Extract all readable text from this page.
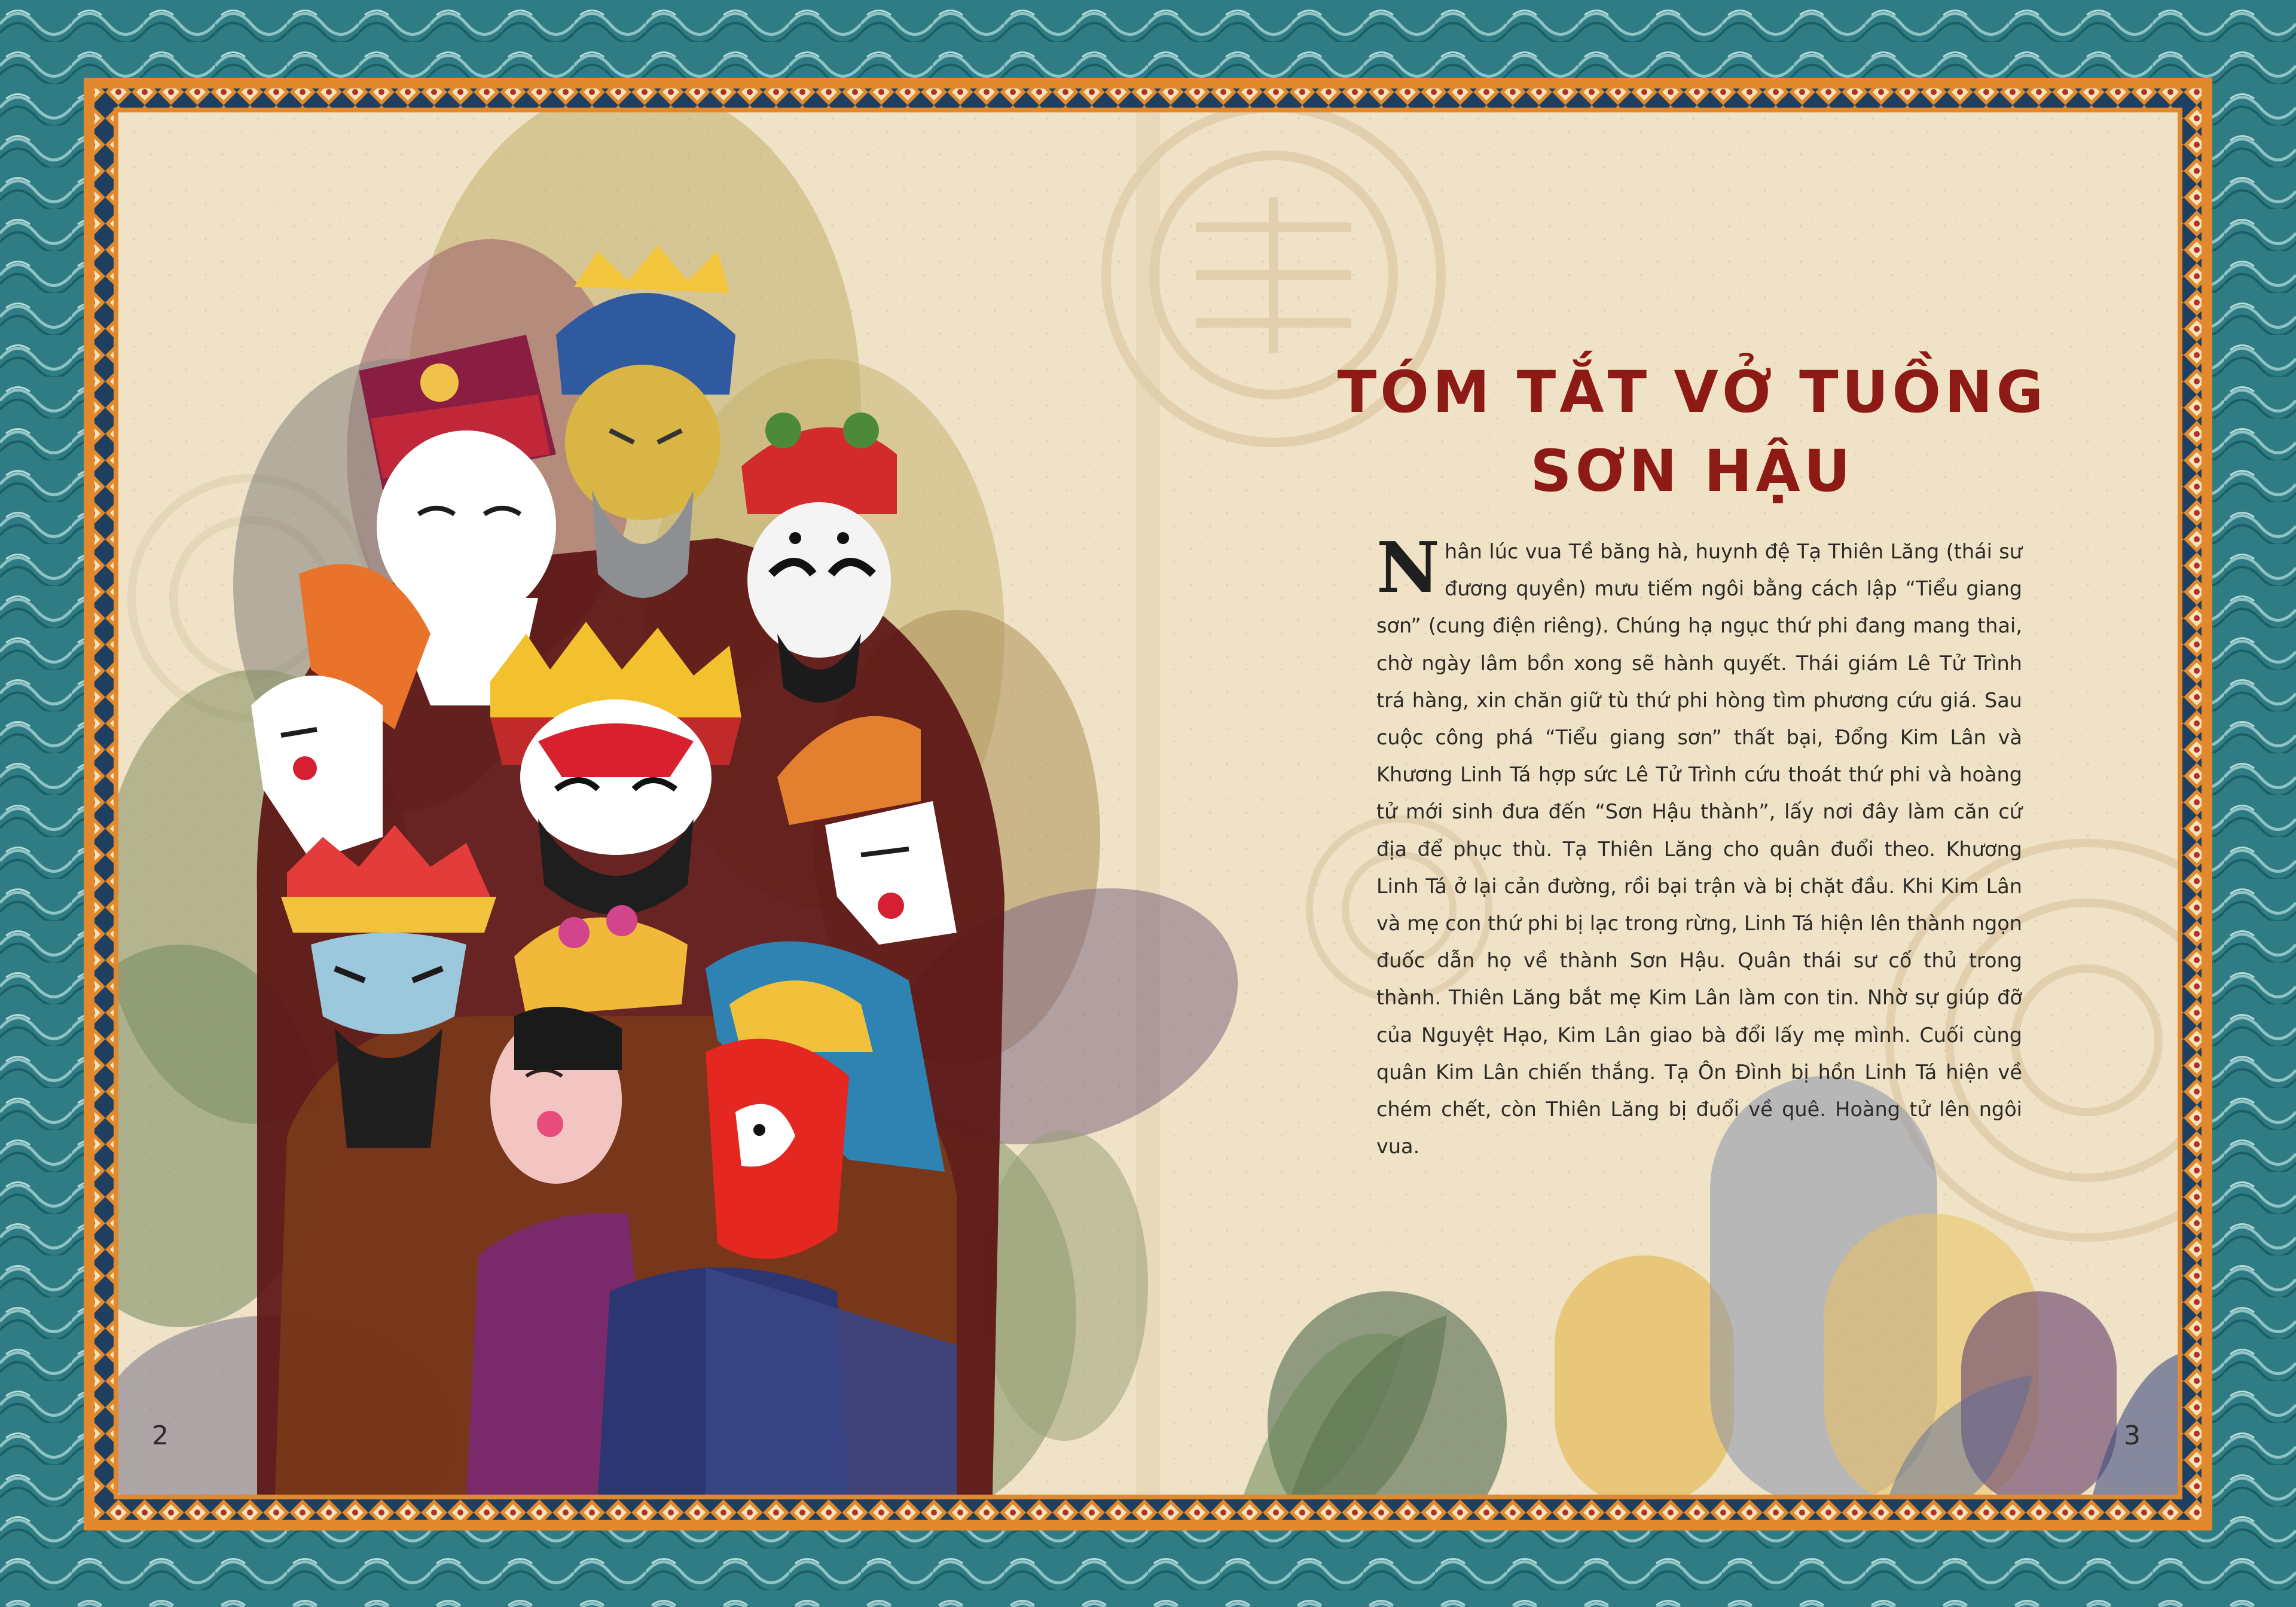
2	3
TÓM TẮT VỞ TUỒNG
SƠN HẬU
N hân lúc vua Tề băng hà, huynh đệ Tạ Thiên Lăng (thái sư đương quyền) mưu tiếm ngôi bằng cách lập “Tiểu giang sơn” (cung điện riêng). Chúng hạ ngục thứ phi đang mang thai, chờ ngày lâm bồn xong sẽ hành quyết. Thái giám Lê Tử Trình trá hàng, xin chăn giữ tù thứ phi hòng tìm phương cứu giá. Sau cuộc công phá “Tiểu giang sơn” thất bại, Đổng Kim Lân và Khương Linh Tá hợp sức Lê Tử Trình cứu thoát thứ phi và hoàng tử mới sinh đưa đến “Sơn Hậu thành”, lấy nơi đây làm căn cứ địa để phục thù. Tạ Thiên Lăng cho quân đuổi theo. Khương Linh Tá ở lại cản đường, rồi bại trận và bị chặt đầu. Khi Kim Lân và mẹ con thứ phi bị lạc trong rừng, Linh Tá hiện lên thành ngọn đuốc dẫn họ về thành Sơn Hậu. Quân thái sư cố thủ trong thành. Thiên Lăng bắt mẹ Kim Lân làm con tin. Nhờ sự giúp đỡ của Nguyệt Hạo, Kim Lân giao bà đổi lấy mẹ mình. Cuối cùng quân Kim Lân chiến thắng. Tạ Ôn Đình bị hồn Linh Tá hiện về chém chết, còn Thiên Lăng bị đuổi về quê. Hoàng tử lên ngôi vua.
